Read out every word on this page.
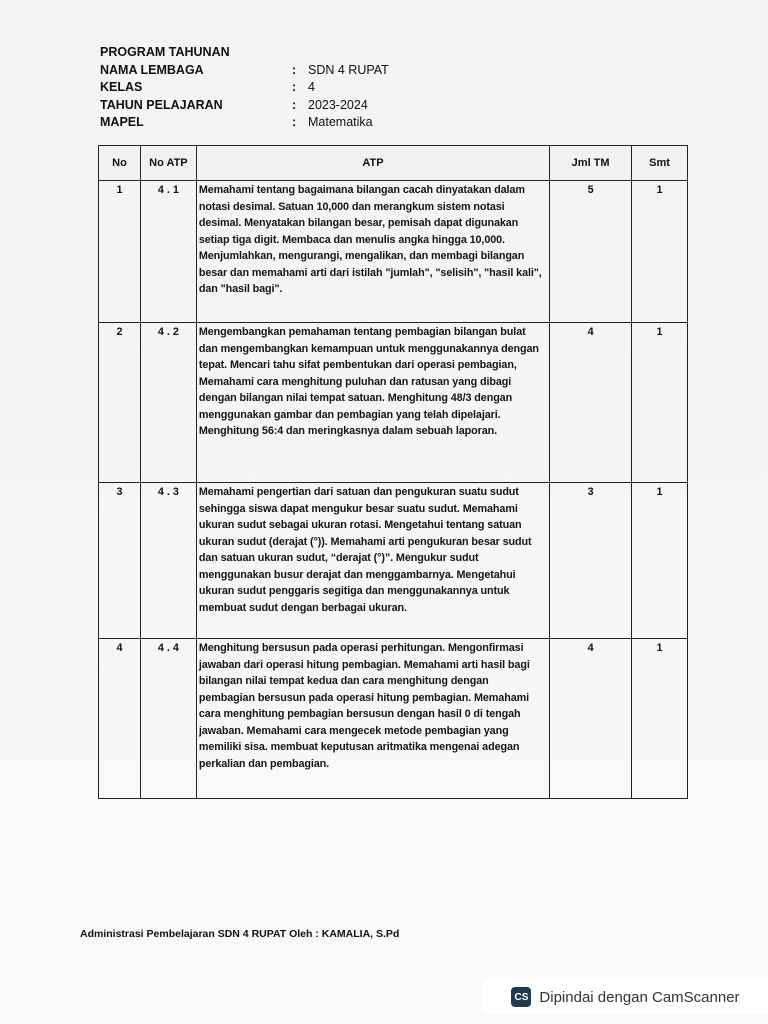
PROGRAM TAHUNAN
NAMA LEMBAGA	: SDN 4 RUPAT
KELAS	: 4
TAHUN PELAJARAN	: 2023-2024
MAPEL	: Matematika
No	No ATP	ATP	Jml TM	Smt
1	4 . 1	Memahami tentang bagaimana bilangan cacah dinyatakan dalam notasi desimal. Satuan 10,000 dan merangkum sistem notasi desimal. Menyatakan bilangan besar, pemisah dapat digunakan setiap tiga digit. Membaca dan menulis angka hingga 10,000. Menjumlahkan, mengurangi, mengalikan, dan membagi bilangan besar dan memahami arti dari istilah "jumlah", "selisih", "hasil kali", dan "hasil bagi".	5	1
2	4 . 2	Mengembangkan pemahaman tentang pembagian bilangan bulat dan mengembangkan kemampuan untuk menggunakannya dengan tepat. Mencari tahu sifat pembentukan dari operasi pembagian, Memahami cara menghitung puluhan dan ratusan yang dibagi dengan bilangan nilai tempat satuan. Menghitung 48/3 dengan menggunakan gambar dan pembagian yang telah dipelajari. Menghitung 56:4 dan meringkasnya dalam sebuah laporan.	4	1
3	4 . 3	Memahami pengertian dari satuan dan pengukuran suatu sudut sehingga siswa dapat mengukur besar suatu sudut. Memahami ukuran sudut sebagai ukuran rotasi. Mengetahui tentang satuan ukuran sudut (derajat (°)). Memahami arti pengukuran besar sudut dan satuan ukuran sudut, “derajat (°)”. Mengukur sudut menggunakan busur derajat dan menggambarnya. Mengetahui ukuran sudut penggaris segitiga dan menggunakannya untuk membuat sudut dengan berbagai ukuran.	3	1
4	4 . 4	Menghitung bersusun pada operasi perhitungan. Mengonfirmasi jawaban dari operasi hitung pembagian. Memahami arti hasil bagi bilangan nilai tempat kedua dan cara menghitung dengan pembagian bersusun pada operasi hitung pembagian. Memahami cara menghitung pembagian bersusun dengan hasil 0 di tengah jawaban. Memahami cara mengecek metode pembagian yang memiliki sisa. membuat keputusan aritmatika mengenai adegan perkalian dan pembagian.	4	1
Administrasi Pembelajaran SDN 4 RUPAT Oleh : KAMALIA, S.Pd
CS Dipindai dengan CamScanner
